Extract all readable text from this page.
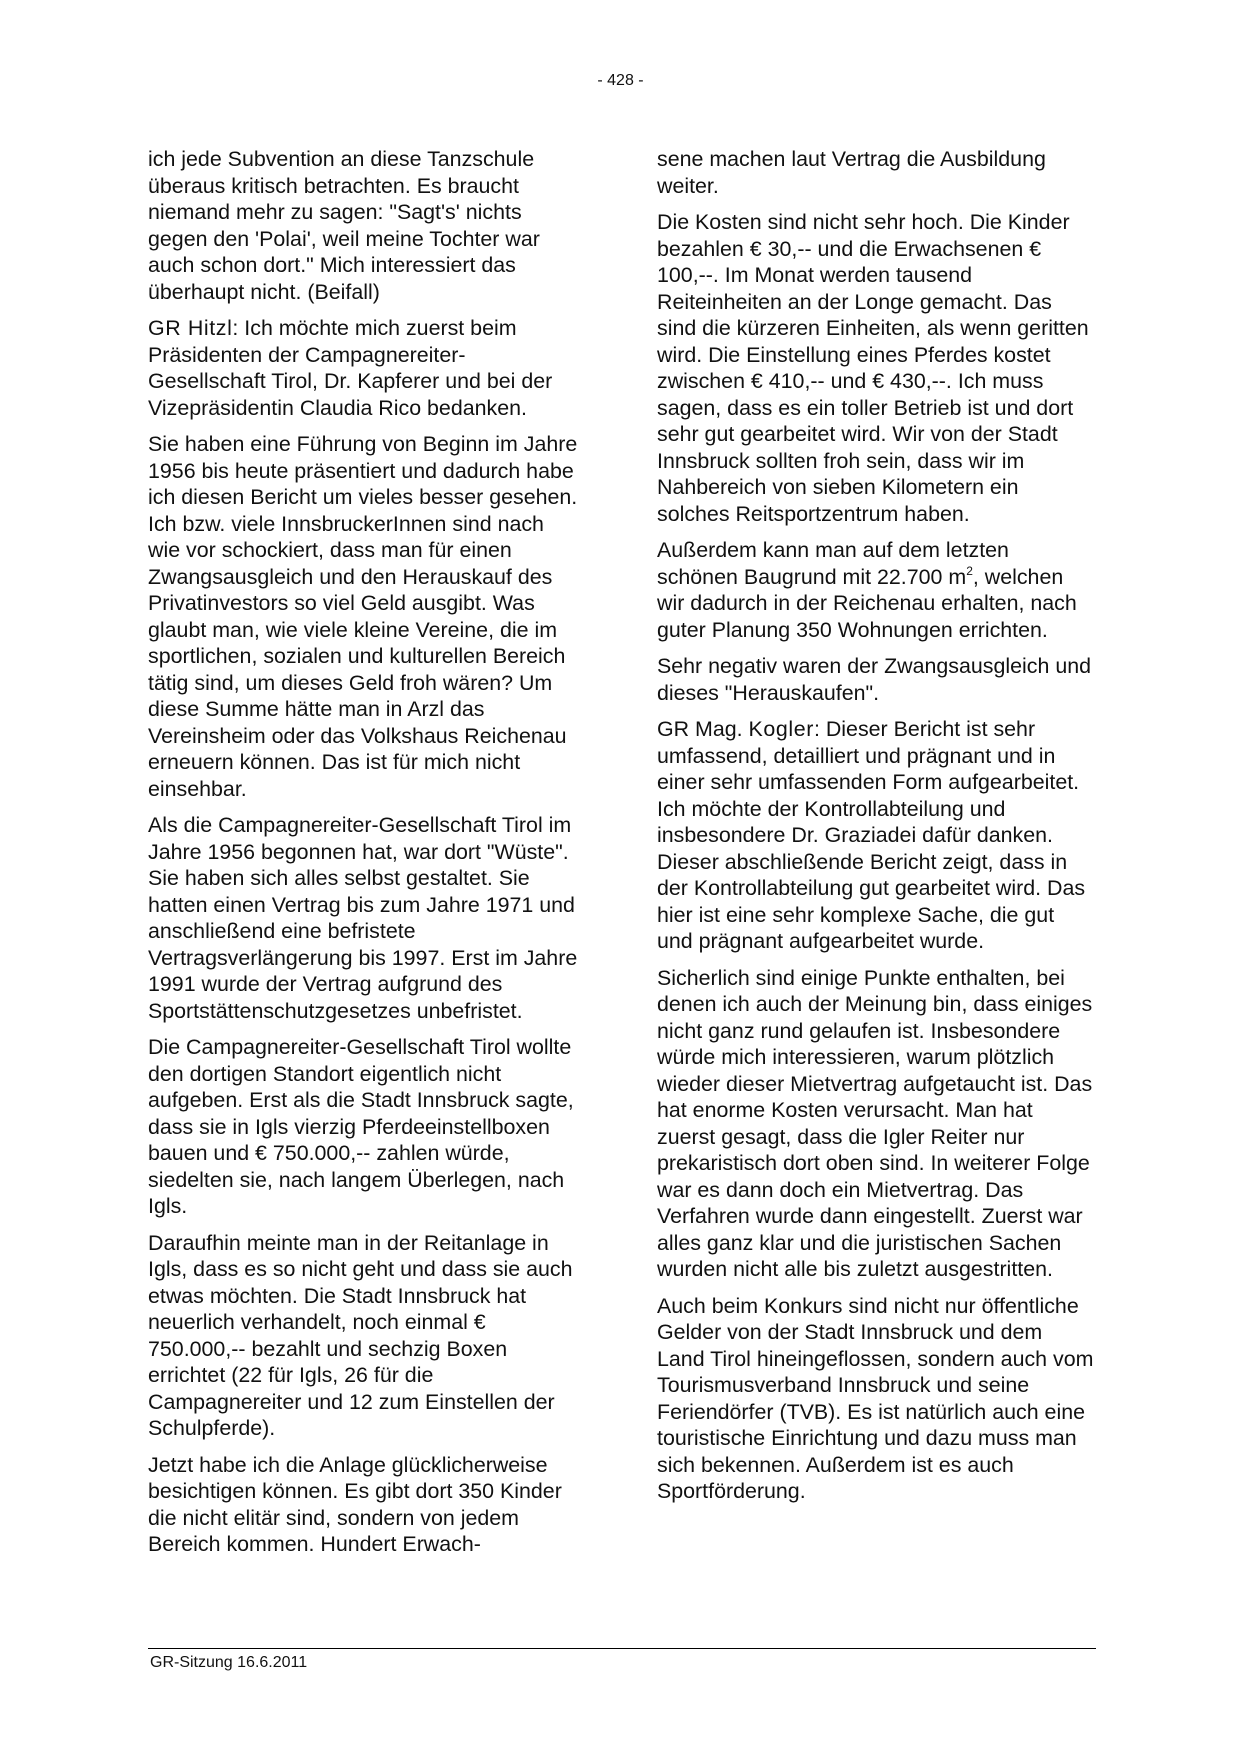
- 428 -

ich jede Subvention an diese Tanzschule überaus kritisch betrachten. Es braucht niemand mehr zu sagen: "Sagt's' nichts gegen den 'Polai', weil meine Tochter war auch schon dort." Mich interessiert das überhaupt nicht. (Beifall)

GR Hitzl: Ich möchte mich zuerst beim Präsidenten der Campagnereiter-Gesellschaft Tirol, Dr. Kapferer und bei der Vizepräsidentin Claudia Rico bedanken.

Sie haben eine Führung von Beginn im Jahre 1956 bis heute präsentiert und dadurch habe ich diesen Bericht um vieles besser gesehen. Ich bzw. viele InnsbruckerInnen sind nach wie vor schockiert, dass man für einen Zwangsausgleich und den Herauskauf des Privatinvestors so viel Geld ausgibt. Was glaubt man, wie viele kleine Vereine, die im sportlichen, sozialen und kulturellen Bereich tätig sind, um dieses Geld froh wären? Um diese Summe hätte man in Arzl das Vereinsheim oder das Volkshaus Reichenau erneuern können. Das ist für mich nicht einsehbar.

Als die Campagnereiter-Gesellschaft Tirol im Jahre 1956 begonnen hat, war dort "Wüste". Sie haben sich alles selbst gestaltet. Sie hatten einen Vertrag bis zum Jahre 1971 und anschließend eine befristete Vertragsverlängerung bis 1997. Erst im Jahre 1991 wurde der Vertrag aufgrund des Sportstättenschutzgesetzes unbefristet.

Die Campagnereiter-Gesellschaft Tirol wollte den dortigen Standort eigentlich nicht aufgeben. Erst als die Stadt Innsbruck sagte, dass sie in Igls vierzig Pferdeeinstellboxen bauen und € 750.000,-- zahlen würde, siedelten sie, nach langem Überlegen, nach Igls.

Daraufhin meinte man in der Reitanlage in Igls, dass es so nicht geht und dass sie auch etwas möchten. Die Stadt Innsbruck hat neuerlich verhandelt, noch einmal € 750.000,-- bezahlt und sechzig Boxen errichtet (22 für Igls, 26 für die Campagnereiter und 12 zum Einstellen der Schulpferde).

Jetzt habe ich die Anlage glücklicherweise besichtigen können. Es gibt dort 350 Kinder die nicht elitär sind, sondern von jedem Bereich kommen. Hundert Erwach-

sene machen laut Vertrag die Ausbildung weiter.

Die Kosten sind nicht sehr hoch. Die Kinder bezahlen € 30,-- und die Erwachsenen € 100,--. Im Monat werden tausend Reiteinheiten an der Longe gemacht. Das sind die kürzeren Einheiten, als wenn geritten wird. Die Einstellung eines Pferdes kostet zwischen € 410,-- und € 430,--. Ich muss sagen, dass es ein toller Betrieb ist und dort sehr gut gearbeitet wird. Wir von der Stadt Innsbruck sollten froh sein, dass wir im Nahbereich von sieben Kilometern ein solches Reitsportzentrum haben.

Außerdem kann man auf dem letzten schönen Baugrund mit 22.700 $m^2$, welchen wir dadurch in der Reichenau erhalten, nach guter Planung 350 Wohnungen errichten.

Sehr negativ waren der Zwangsausgleich und dieses "Herauskaufen".

GR Mag. Kogler: Dieser Bericht ist sehr umfassend, detailliert und prägnant und in einer sehr umfassenden Form aufgearbeitet. Ich möchte der Kontrollabteilung und insbesondere Dr. Graziadei dafür danken. Dieser abschließende Bericht zeigt, dass in der Kontrollabteilung gut gearbeitet wird. Das hier ist eine sehr komplexe Sache, die gut und prägnant aufgearbeitet wurde.

Sicherlich sind einige Punkte enthalten, bei denen ich auch der Meinung bin, dass einiges nicht ganz rund gelaufen ist. Insbesondere würde mich interessieren, warum plötzlich wieder dieser Mietvertrag aufgetaucht ist. Das hat enorme Kosten verursacht. Man hat zuerst gesagt, dass die Igler Reiter nur prekaristisch dort oben sind. In weiterer Folge war es dann doch ein Mietvertrag. Das Verfahren wurde dann eingestellt. Zuerst war alles ganz klar und die juristischen Sachen wurden nicht alle bis zuletzt ausgestritten.

Auch beim Konkurs sind nicht nur öffentliche Gelder von der Stadt Innsbruck und dem Land Tirol hineingeflossen, sondern auch vom Tourismusverband Innsbruck und seine Feriendörfer (TVB). Es ist natürlich auch eine touristische Einrichtung und dazu muss man sich bekennen. Außerdem ist es auch Sportförderung.

GR-Sitzung 16.6.2011
